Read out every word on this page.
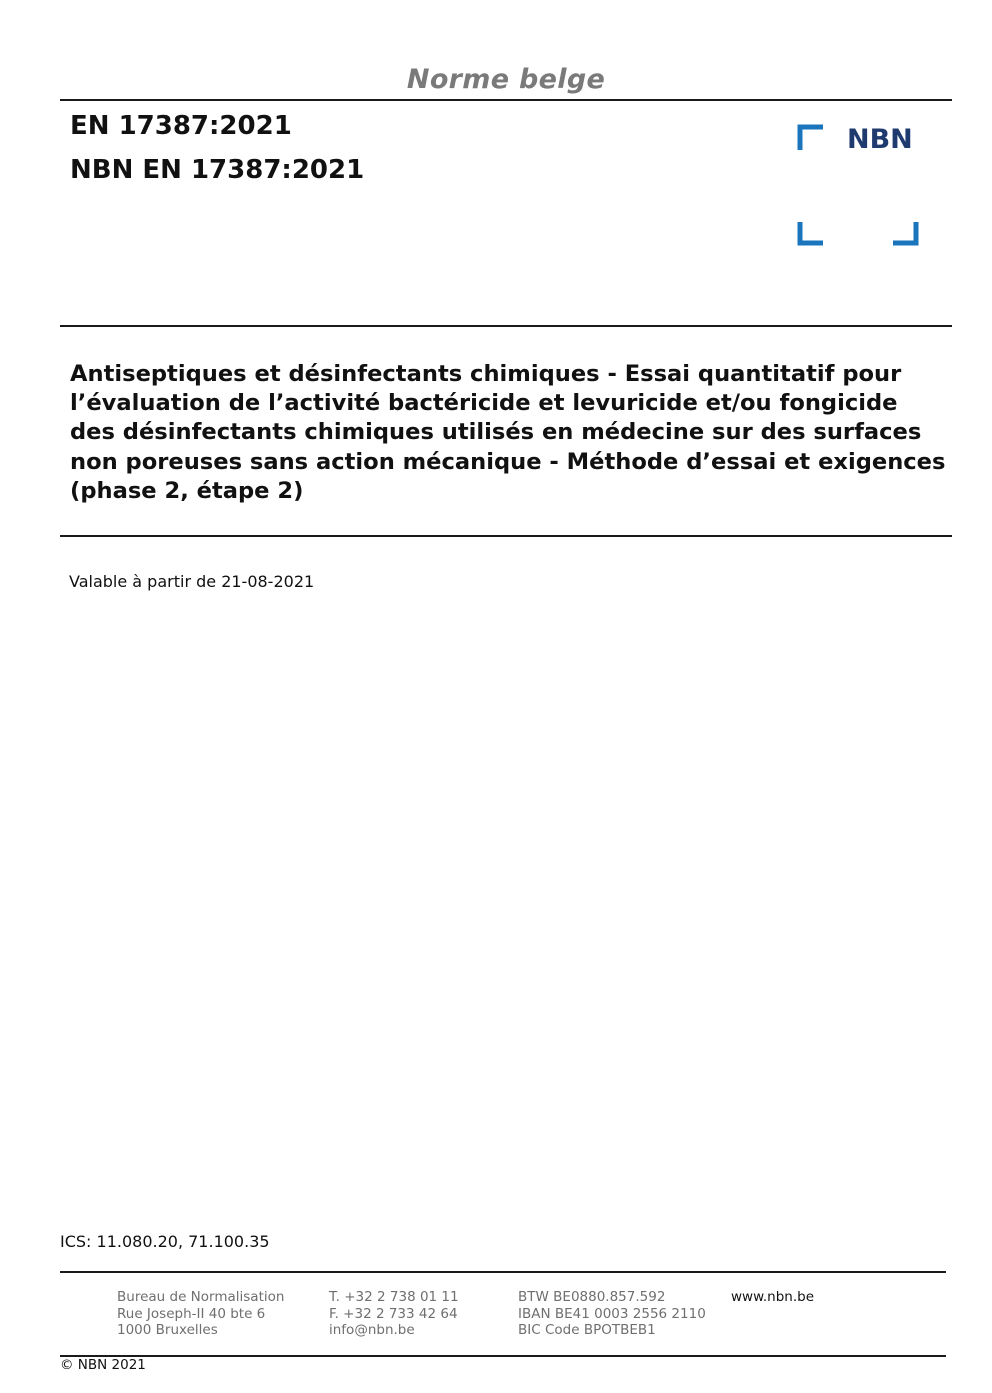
Norme belge
EN 17387:2021
NBN EN 17387:2021
NBN
Antiseptiques et désinfectants chimiques - Essai quantitatif pour l’évaluation de l’activité bactéricide et levuricide et/ou fongicide des désinfectants chimiques utilisés en médecine sur des surfaces non poreuses sans action mécanique - Méthode d’essai et exigences (phase 2, étape 2)
Valable à partir de 21-08-2021
ICS: 11.080.20, 71.100.35
Bureau de Normalisation
Rue Joseph-II 40 bte 6
1000 Bruxelles
T. +32 2 738 01 11
F. +32 2 733 42 64
info@nbn.be
BTW BE0880.857.592
IBAN BE41 0003 2556 2110
BIC Code BPOTBEB1
www.nbn.be
© NBN 2021
